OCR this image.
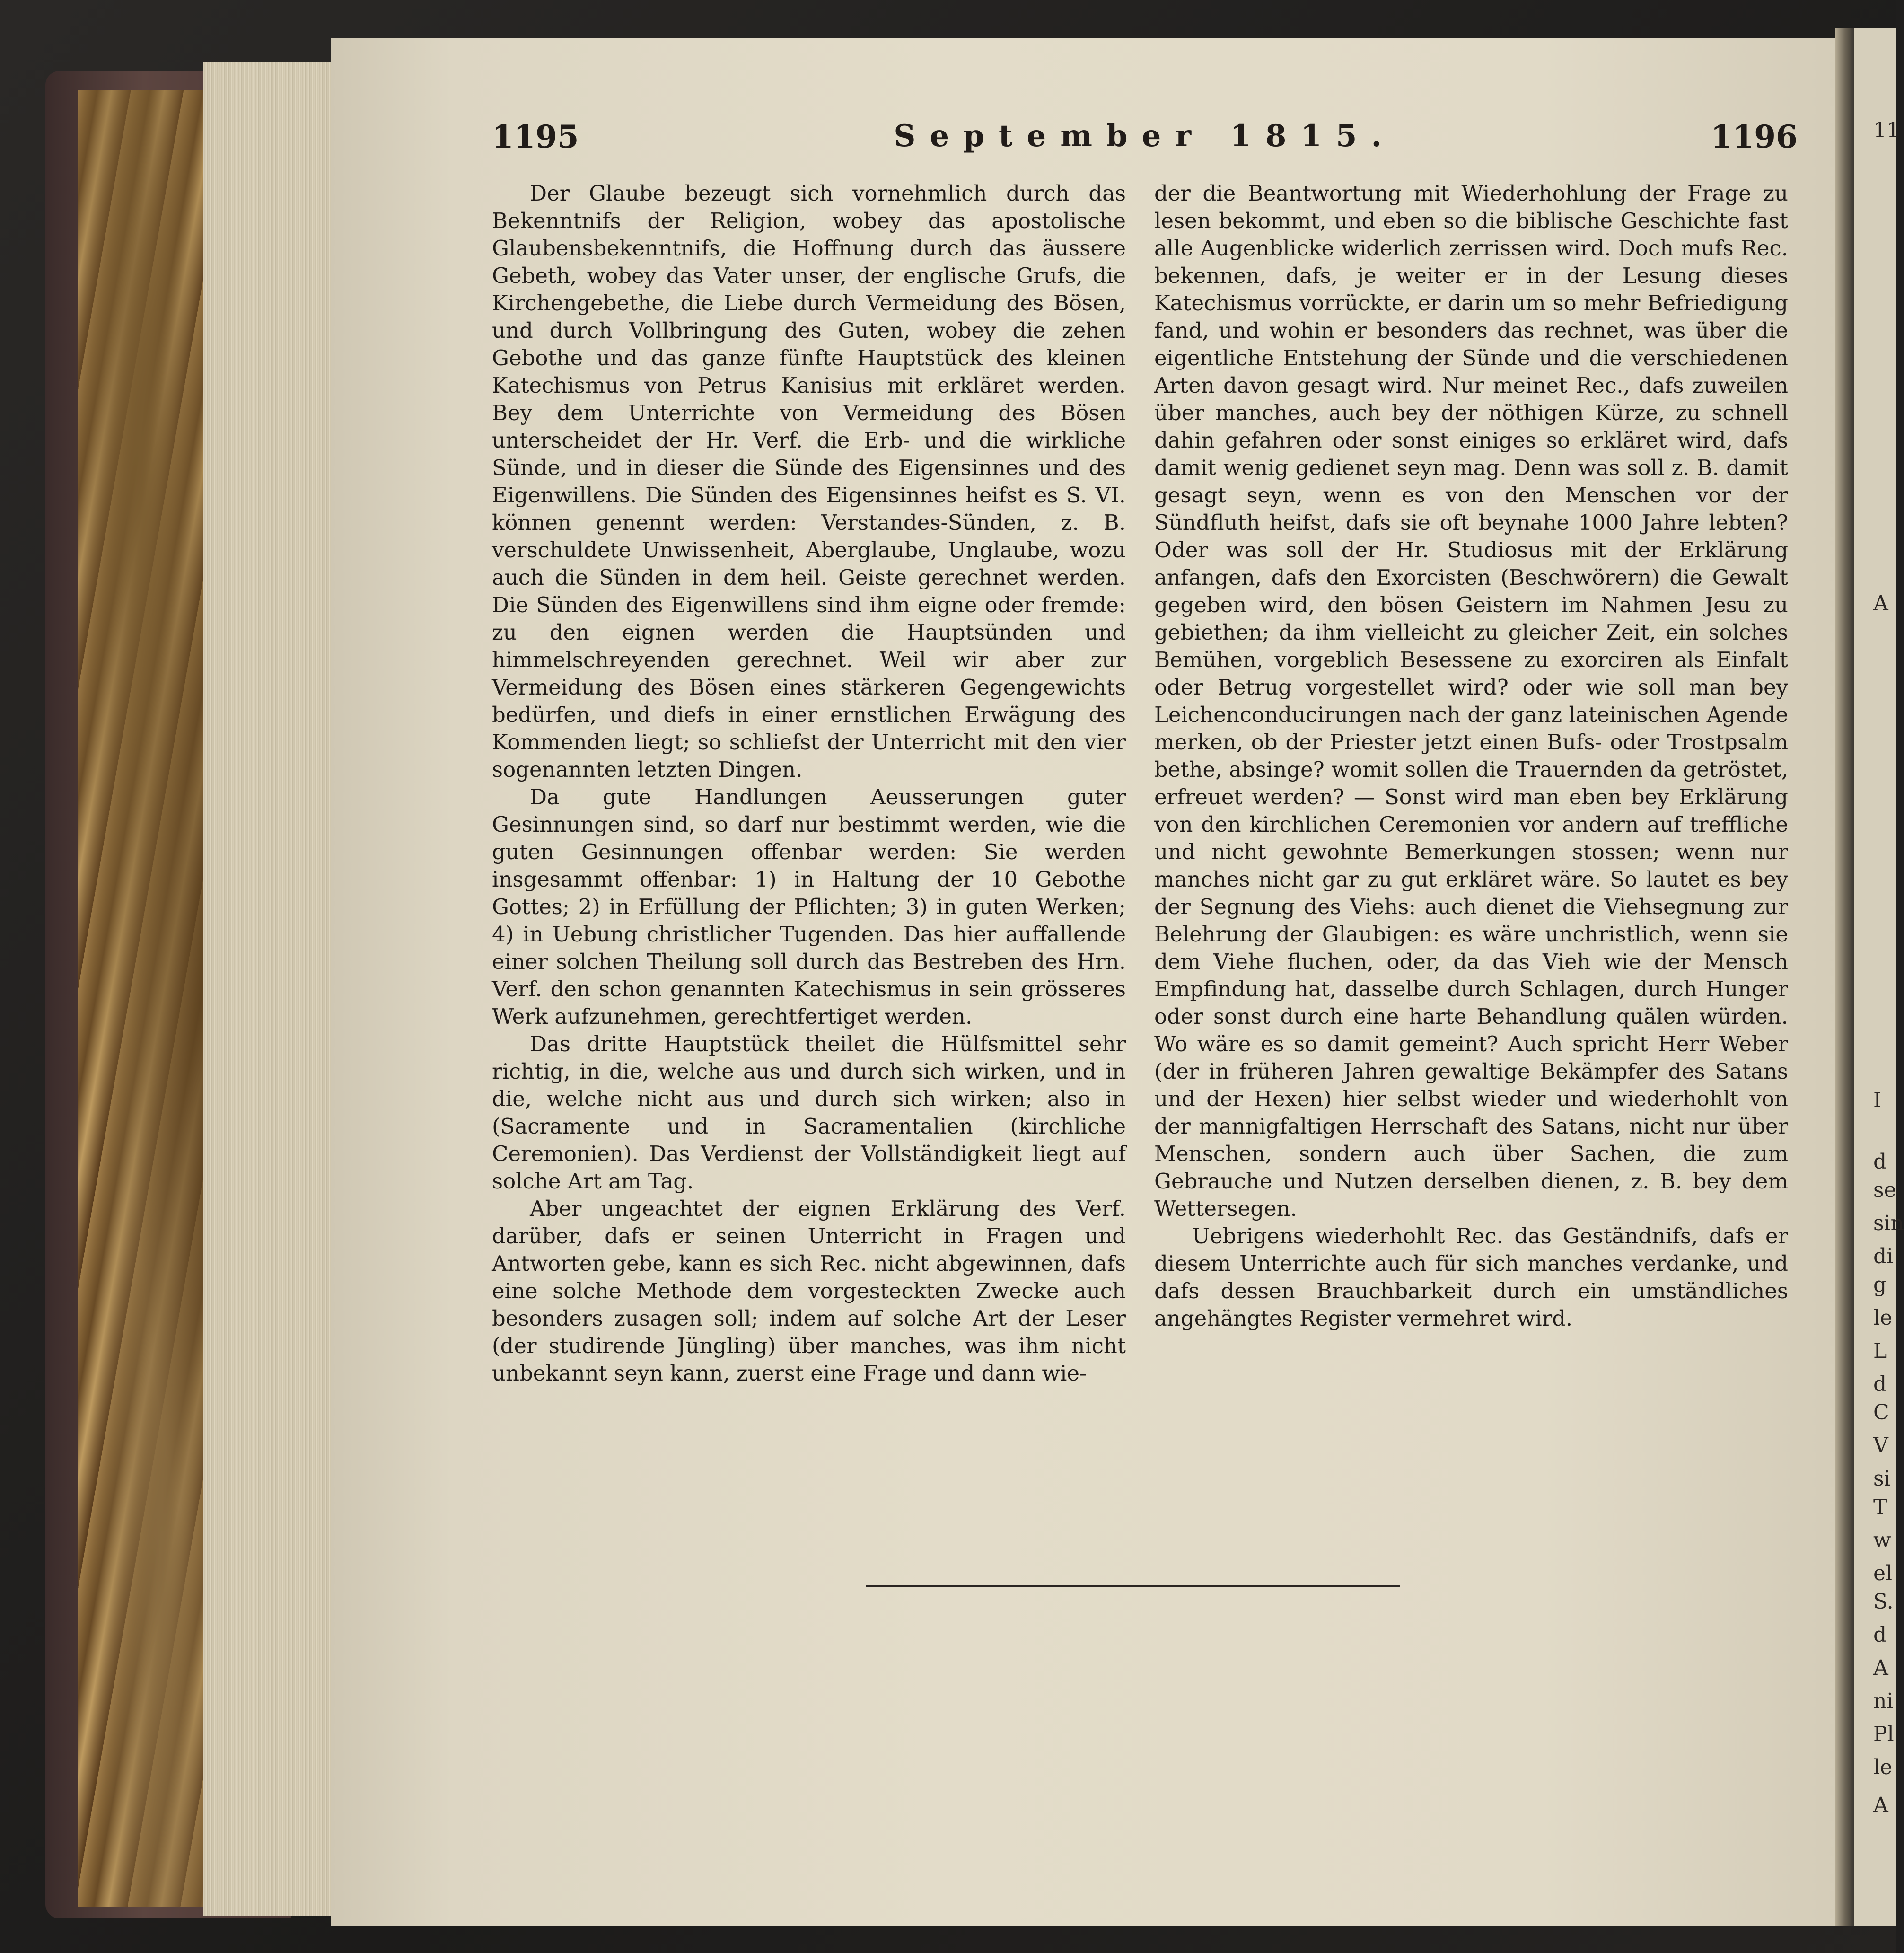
1195	September 1815.	1196

Der Glaube bezeugt sich vornehmlich durch das Bekenntnifs der Religion, wobey das apostolische Glaubensbekenntnifs, die Hoffnung durch das äussere Gebeth, wobey das Vater unser, der englische Grufs, die Kirchengebethe, die Liebe durch Vermeidung des Bösen, und durch Vollbringung des Guten, wobey die zehen Gebothe und das ganze fünfte Hauptstück des kleinen Katechismus von Petrus Kanisius mit erkläret werden. Bey dem Unterrichte von Vermeidung des Bösen unterscheidet der Hr. Verf. die Erb- und die wirkliche Sünde, und in dieser die Sünde des Eigensinnes und des Eigenwillens. Die Sünden des Eigensinnes heifst es S. VI. können genennt werden: Verstandes-Sünden, z. B. verschuldete Unwissenheit, Aberglaube, Unglaube, wozu auch die Sünden in dem heil. Geiste gerechnet werden. Die Sünden des Eigenwillens sind ihm eigne oder fremde: zu den eignen werden die Hauptsünden und himmelschreyenden gerechnet. Weil wir aber zur Vermeidung des Bösen eines stärkeren Gegengewichts bedürfen, und diefs in einer ernstlichen Erwägung des Kommenden liegt; so schliefst der Unterricht mit den vier sogenannten letzten Dingen.

Da gute Handlungen Aeusserungen guter Gesinnungen sind, so darf nur bestimmt werden, wie die guten Gesinnungen offenbar werden: Sie werden insgesammt offenbar: 1) in Haltung der 10 Gebothe Gottes; 2) in Erfüllung der Pflichten; 3) in guten Werken; 4) in Uebung christlicher Tugenden. Das hier auffallende einer solchen Theilung soll durch das Bestreben des Hrn. Verf. den schon genannten Katechismus in sein grösseres Werk aufzunehmen, gerechtfertiget werden.

Das dritte Hauptstück theilet die Hülfsmittel sehr richtig, in die, welche aus und durch sich wirken, und in die, welche nicht aus und durch sich wirken; also in (Sacramente und in Sacramentalien (kirchliche Ceremonien). Das Verdienst der Vollständigkeit liegt auf solche Art am Tag.

Aber ungeachtet der eignen Erklärung des Verf. darüber, dafs er seinen Unterricht in Fragen und Antworten gebe, kann es sich Rec. nicht abgewinnen, dafs eine solche Methode dem vorgesteckten Zwecke auch besonders zusagen soll; indem auf solche Art der Leser (der studirende Jüngling) über manches, was ihm nicht unbekannt seyn kann, zuerst eine Frage und dann wie-

der die Beantwortung mit Wiederhohlung der Frage zu lesen bekommt, und eben so die biblische Geschichte fast alle Augenblicke widerlich zerrissen wird. Doch mufs Rec. bekennen, dafs, je weiter er in der Lesung dieses Katechismus vorrückte, er darin um so mehr Befriedigung fand, und wohin er besonders das rechnet, was über die eigentliche Entstehung der Sünde und die verschiedenen Arten davon gesagt wird. Nur meinet Rec., dafs zuweilen über manches, auch bey der nöthigen Kürze, zu schnell dahin gefahren oder sonst einiges so erkläret wird, dafs damit wenig gedienet seyn mag. Denn was soll z. B. damit gesagt seyn, wenn es von den Menschen vor der Sündfluth heifst, dafs sie oft beynahe 1000 Jahre lebten? Oder was soll der Hr. Studiosus mit der Erklärung anfangen, dafs den Exorcisten (Beschwörern) die Gewalt gegeben wird, den bösen Geistern im Nahmen Jesu zu gebiethen; da ihm vielleicht zu gleicher Zeit, ein solches Bemühen, vorgeblich Besessene zu exorciren als Einfalt oder Betrug vorgestellet wird? oder wie soll man bey Leichenconducirungen nach der ganz lateinischen Agende merken, ob der Priester jetzt einen Bufs- oder Trostpsalm bethe, absinge? womit sollen die Trauernden da getröstet, erfreuet werden? — Sonst wird man eben bey Erklärung von den kirchlichen Ceremonien vor andern auf treffliche und nicht gewohnte Bemerkungen stossen; wenn nur manches nicht gar zu gut erkläret wäre. So lautet es bey der Segnung des Viehs: auch dienet die Viehsegnung zur Belehrung der Glaubigen: es wäre unchristlich, wenn sie dem Viehe fluchen, oder, da das Vieh wie der Mensch Empfindung hat, dasselbe durch Schlagen, durch Hunger oder sonst durch eine harte Behandlung quälen würden. Wo wäre es so damit gemeint? Auch spricht Herr Weber (der in früheren Jahren gewaltige Bekämpfer des Satans und der Hexen) hier selbst wieder und wiederhohlt von der mannigfaltigen Herrschaft des Satans, nicht nur über Menschen, sondern auch über Sachen, die zum Gebrauche und Nutzen derselben dienen, z. B. bey dem Wettersegen.

Uebrigens wiederhohlt Rec. das Geständnifs, dafs er diesem Unterrichte auch für sich manches verdanke, und dafs dessen Brauchbarkeit durch ein umständliches angehängtes Register vermehret wird.

11
A
I
d
se
sin
di
g
le
L
d
C
V
si
T
w
el
S.
d
A
ni
Pl
le
A
